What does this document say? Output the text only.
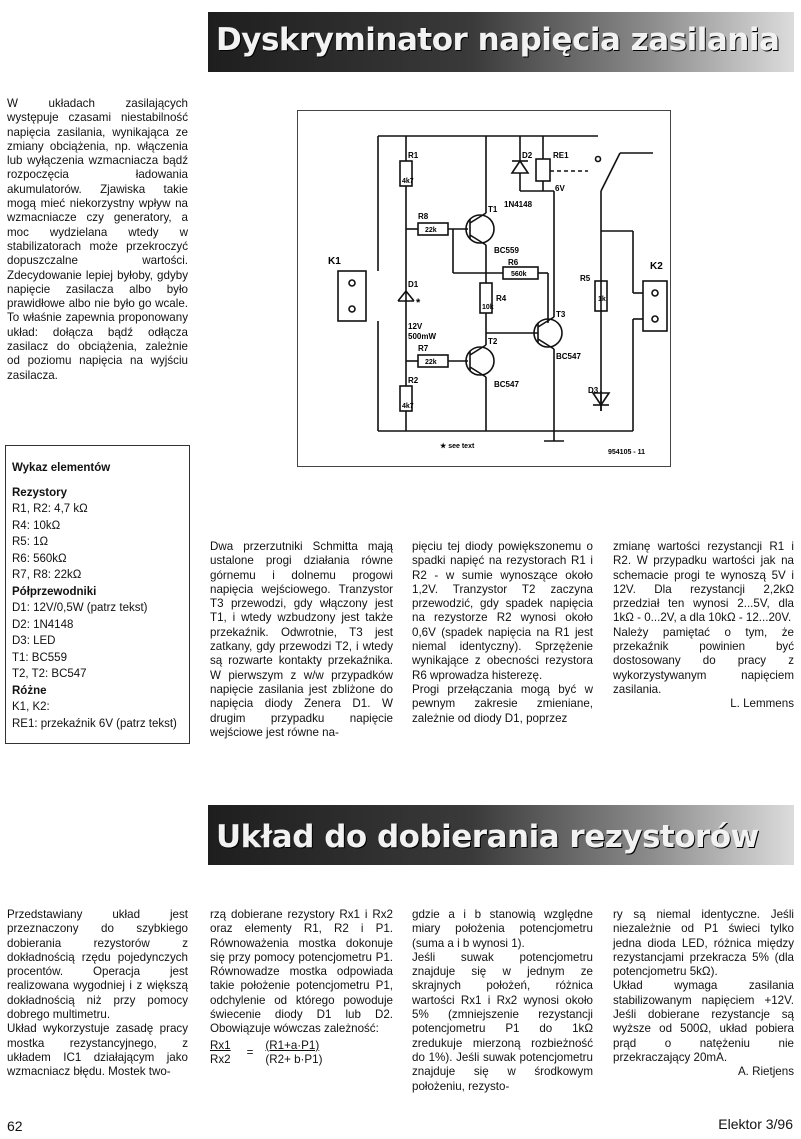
Dyskryminator napięcia zasilania

W układach zasilających występuje czasami niestabilność napięcia zasilania, wynikająca ze zmiany obciążenia, np. włączenia lub wyłączenia wzmacniacza bądź rozpoczęcia ładowania akumulatorów. Zjawiska takie mogą mieć niekorzystny wpływ na wzmacniacze czy generatory, a moc wydzielana wtedy w stabilizatorach może przekroczyć dopuszczalne wartości. Zdecydowanie lepiej byłoby, gdyby napięcie zasilacza albo było prawidłowe albo nie było go wcale. To właśnie zapewnia proponowany układ: dołącza bądź odłącza zasilacz do obciążenia, zależnie od poziomu napięcia na wyjściu zasilacza.

Wykaz elementów
Rezystory
R1, R2: 4,7 kΩ
R4: 10kΩ
R5: 1Ω
R6: 560kΩ
R7, R8: 22kΩ
Półprzewodniki
D1: 12V/0,5W (patrz tekst)
D2: 1N4148
D3: LED
T1: BC559
T2, T2: BC547
Różne
K1, K2:
RE1: przekaźnik 6V (patrz tekst)
K1	K2
R1
4k7
R2
4k7
R4
10k
R5
1k
R6
560k
R7
22k
R8
22k
D1
*
12V
500mW
D2
1N4148
D3
RE1
6V
T1
BC559
T2
BC547
T3
BC547
★ see text
954105 - 11

Dwa przerzutniki Schmitta mają ustalone progi działania równe górnemu i dolnemu progowi napięcia wejściowego. Tranzystor T3 przewodzi, gdy włączony jest T1, i wtedy wzbudzony jest także przekaźnik. Odwrotnie, T3 jest zatkany, gdy przewodzi T2, i wtedy są rozwarte kontakty przekaźnika. W pierwszym z w/w przypadków napięcie zasilania jest zbliżone do napięcia diody Zenera D1. W drugim przypadku napięcie wejściowe jest równe na-

pięciu tej diody powiększonemu o spadki napięć na rezystorach R1 i R2 - w sumie wynoszące około 1,2V. Tranzystor T2 zaczyna przewodzić, gdy spadek napięcia na rezystorze R2 wynosi około 0,6V (spadek napięcia na R1 jest niemal identyczny). Sprzężenie wynikające z obecności rezystora R6 wprowadza histerezę.

Progi przełączania mogą być w pewnym zakresie zmieniane, zależnie od diody D1, poprzez

zmianę wartości rezystancji R1 i R2. W przypadku wartości jak na schemacie progi te wynoszą 5V i 12V. Dla rezystancji 2,2kΩ przedział ten wynosi 2...5V, dla 1kΩ - 0...2V, a dla 10kΩ - 12...20V.

Należy pamiętać o tym, że przekaźnik powinien być dostosowany do pracy z wykorzystywanym napięciem zasilania.

L. Lemmens

Układ do dobierania rezystorów

Przedstawiany układ jest przeznaczony do szybkiego dobierania rezystorów z dokładnością rzędu pojedynczych procentów. Operacja jest realizowana wygodniej i z większą dokładnością niż przy pomocy dobrego multimetru.

Układ wykorzystuje zasadę pracy mostka rezystancyjnego, z układem IC1 działającym jako wzmacniacz błędu. Mostek two-

rzą dobierane rezystory Rx1 i Rx2 oraz elementy R1, R2 i P1. Równoważenia mostka dokonuje się przy pomocy potencjometru P1. Równowadze mostka odpowiada takie położenie potencjometru P1, odchylenie od którego powoduje świecenie diody D1 lub D2. Obowiązuje wówczas zależność:

Rx1	=	(R1+a·P1)
Rx2		(R2+ b·P1)

gdzie a i b stanowią względne miary położenia potencjometru (suma a i b wynosi 1).

Jeśli suwak potencjometru znajduje się w jednym ze skrajnych położeń, różnica wartości Rx1 i Rx2 wynosi około 5% (zmniejszenie rezystancji potencjometru P1 do 1kΩ zredukuje mierzoną rozbieżność do 1%). Jeśli suwak potencjometru znajduje się w środkowym położeniu, rezysto-

ry są niemal identyczne. Jeśli niezależnie od P1 świeci tylko jedna dioda LED, różnica między rezystancjami przekracza 5% (dla potencjometru 5kΩ).

Układ wymaga zasilania stabilizowanym napięciem +12V. Jeśli dobierane rezystancje są wyższe od 500Ω, układ pobiera prąd o natężeniu nie przekraczający 20mA.

A. Rietjens

62	Elektor 3/96
